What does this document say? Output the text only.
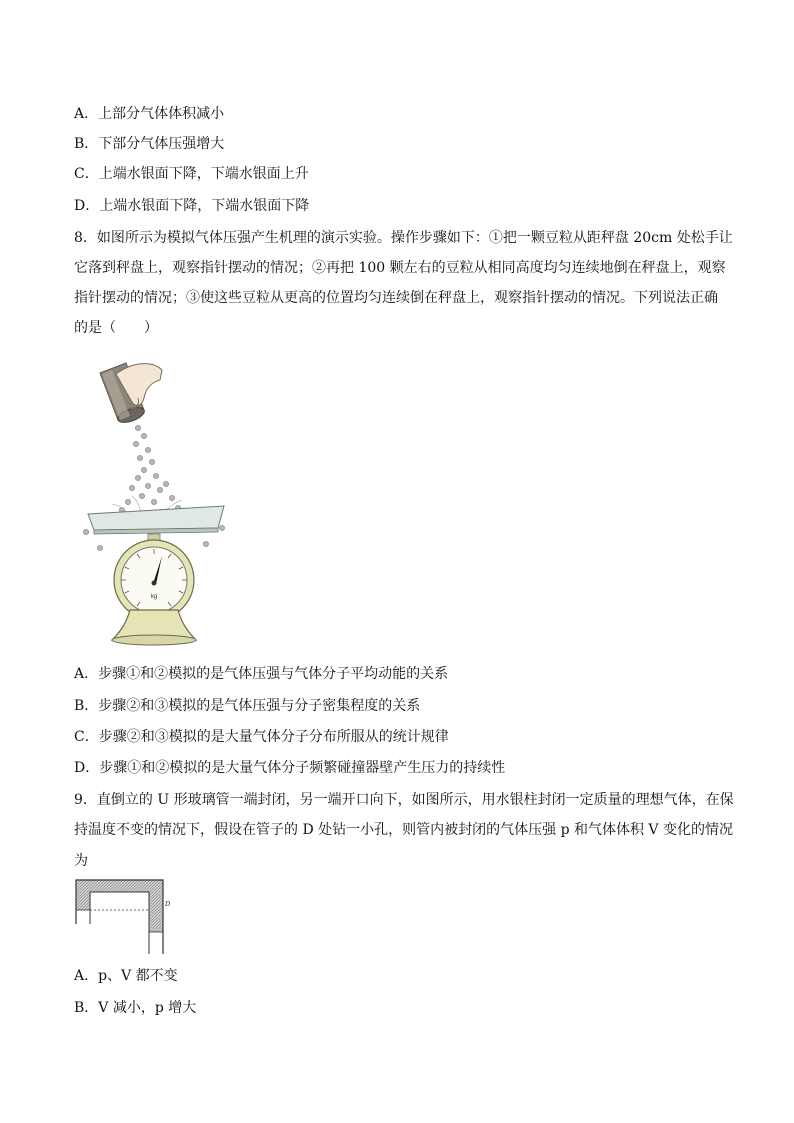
A．上部分气体体积减小
B．下部分气体压强增大
C．上端水银面下降，下端水银面上升
D．上端水银面下降，下端水银面下降
8．如图所示为模拟气体压强产生机理的演示实验。操作步骤如下：①把一颗豆粒从距秤盘 20cm 处松手让
它落到秤盘上，观察指针摆动的情况；②再把 100 颗左右的豆粒从相同高度均匀连续地倒在秤盘上，观察
指针摆动的情况；③使这些豆粒从更高的位置均匀连续倒在秤盘上，观察指针摆动的情况。下列说法正确
的是（　　）
kg
A．步骤①和②模拟的是气体压强与气体分子平均动能的关系
B．步骤②和③模拟的是气体压强与分子密集程度的关系
C．步骤②和③模拟的是大量气体分子分布所服从的统计规律
D．步骤①和②模拟的是大量气体分子频繁碰撞器壁产生压力的持续性
9．直倒立的 U 形玻璃管一端封闭，另一端开口向下，如图所示，用水银柱封闭一定质量的理想气体，在保
持温度不变的情况下，假设在管子的 D 处钻一小孔，则管内被封闭的气体压强 p 和气体体积 V 变化的情况
为
D
A．p、V 都不变
B．V 减小，p 增大
